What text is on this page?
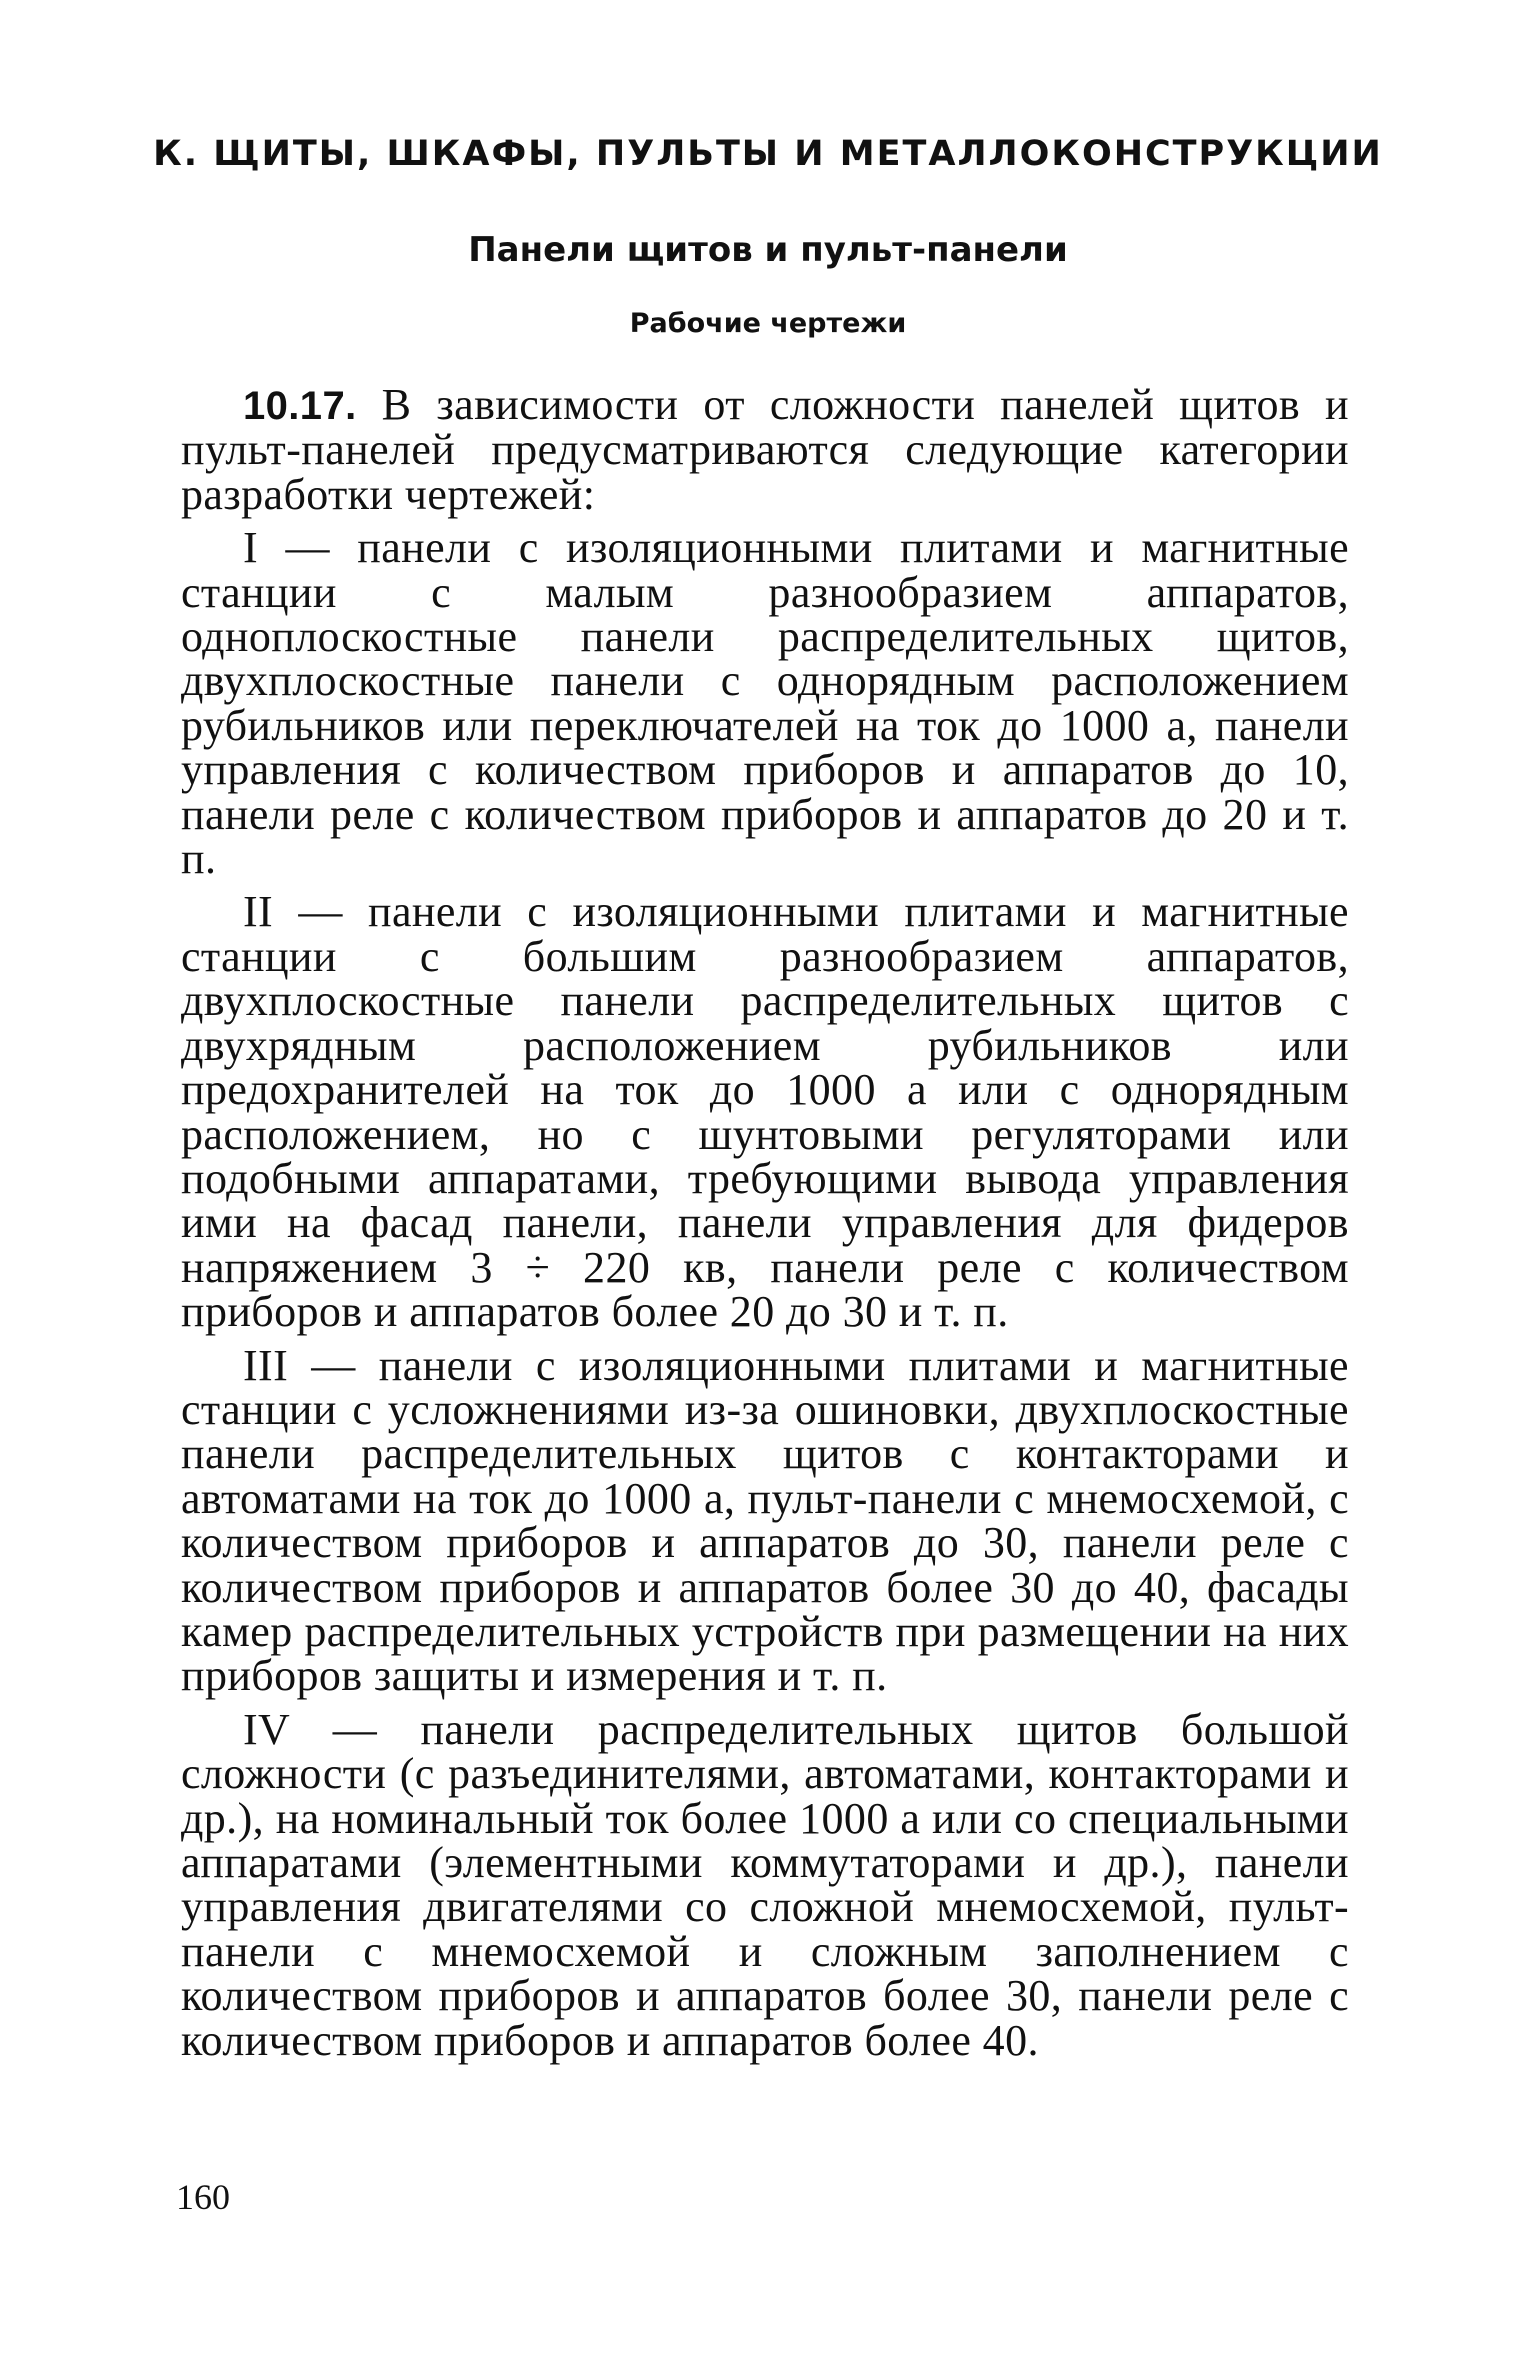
К. ЩИТЫ, ШКАФЫ, ПУЛЬТЫ И МЕТАЛЛОКОНСТРУКЦИИ
Панели щитов и пульт-панели
Рабочие чертежи

10.17. В зависимости от сложности панелей щитов и пульт-панелей предусматриваются следующие категории разработки чертежей:

I — панели с изоляционными плитами и магнитные станции с малым разнообразием аппаратов, одноплоскостные панели распределительных щитов, двухплоскостные панели с однорядным расположением рубильников или переключателей на ток до 1000 а, панели управления с количеством приборов и аппаратов до 10, панели реле с количеством приборов и аппаратов до 20 и т. п.

II — панели с изоляционными плитами и магнитные станции с большим разнообразием аппаратов, двухплоскостные панели распределительных щитов с двухрядным расположением рубильников или предохранителей на ток до 1000 а или с однорядным расположением, но с шунтовыми регуляторами или подобными аппаратами, требующими вывода управления ими на фасад панели, панели управления для фидеров напряжением 3 ÷ 220 кв, панели реле с количеством приборов и аппаратов более 20 до 30 и т. п.

III — панели с изоляционными плитами и магнитные станции с усложнениями из-за ошиновки, двухплоскостные панели распределительных щитов с контакторами и автоматами на ток до 1000 а, пульт-панели с мнемосхемой, с количеством приборов и аппаратов до 30, панели реле с количеством приборов и аппаратов более 30 до 40, фасады камер распределительных устройств при размещении на них приборов защиты и измерения и т. п.

IV — панели распределительных щитов большой сложности (с разъединителями, автоматами, контакторами и др.), на номинальный ток более 1000 а или со специальными аппаратами (элементными коммутаторами и др.), панели управления двигателями со сложной мнемосхемой, пульт-панели с мнемосхемой и сложным заполнением с количеством приборов и аппаратов более 30, панели реле с количеством приборов и аппаратов более 40.

160
